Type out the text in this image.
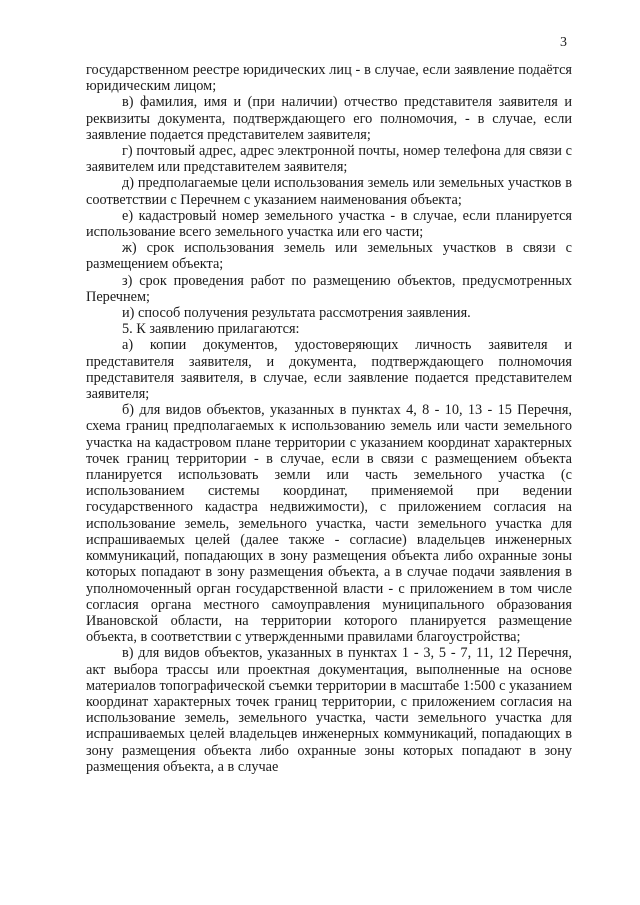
3

государственном реестре юридических лиц - в случае, если заявление подаётся юридическим лицом;

в) фамилия, имя и (при наличии) отчество представителя заявителя и реквизиты документа, подтверждающего его полномочия, - в случае, если заявление подается представителем заявителя;

г) почтовый адрес, адрес электронной почты, номер телефона для связи с заявителем или представителем заявителя;

д) предполагаемые цели использования земель или земельных участков в соответствии с Перечнем с указанием наименования объекта;

е) кадастровый номер земельного участка - в случае, если планируется использование всего земельного участка или его части;

ж) срок использования земель или земельных участков в связи с размещением объекта;

з) срок проведения работ по размещению объектов, предусмотренных Перечнем;

и) способ получения результата рассмотрения заявления.

5. К заявлению прилагаются:

а) копии документов, удостоверяющих личность заявителя и представителя заявителя, и документа, подтверждающего полномочия представителя заявителя, в случае, если заявление подается представителем заявителя;

б) для видов объектов, указанных в пунктах 4, 8 - 10, 13 - 15 Перечня, схема границ предполагаемых к использованию земель или части земельного участка на кадастровом плане территории с указанием координат характерных точек границ территории - в случае, если в связи с размещением объекта планируется использовать земли или часть земельного участка (с использованием системы координат, применяемой при ведении государственного кадастра недвижимости), с приложением согласия на использование земель, земельного участка, части земельного участка для испрашиваемых целей (далее также - согласие) владельцев инженерных коммуникаций, попадающих в зону размещения объекта либо охранные зоны которых попадают в зону размещения объекта, а в случае подачи заявления в уполномоченный орган государственной власти - с приложением в том числе согласия органа местного самоуправления муниципального образования Ивановской области, на территории которого планируется размещение объекта, в соответствии с утвержденными правилами благоустройства;

в) для видов объектов, указанных в пунктах 1 - 3, 5 - 7, 11, 12 Перечня, акт выбора трассы или проектная документация, выполненные на основе материалов топографической съемки территории в масштабе 1:500 с указанием координат характерных точек границ территории, с приложением согласия на использование земель, земельного участка, части земельного участка для испрашиваемых целей владельцев инженерных коммуникаций, попадающих в зону размещения объекта либо охранные зоны которых попадают в зону размещения объекта, а в случае
